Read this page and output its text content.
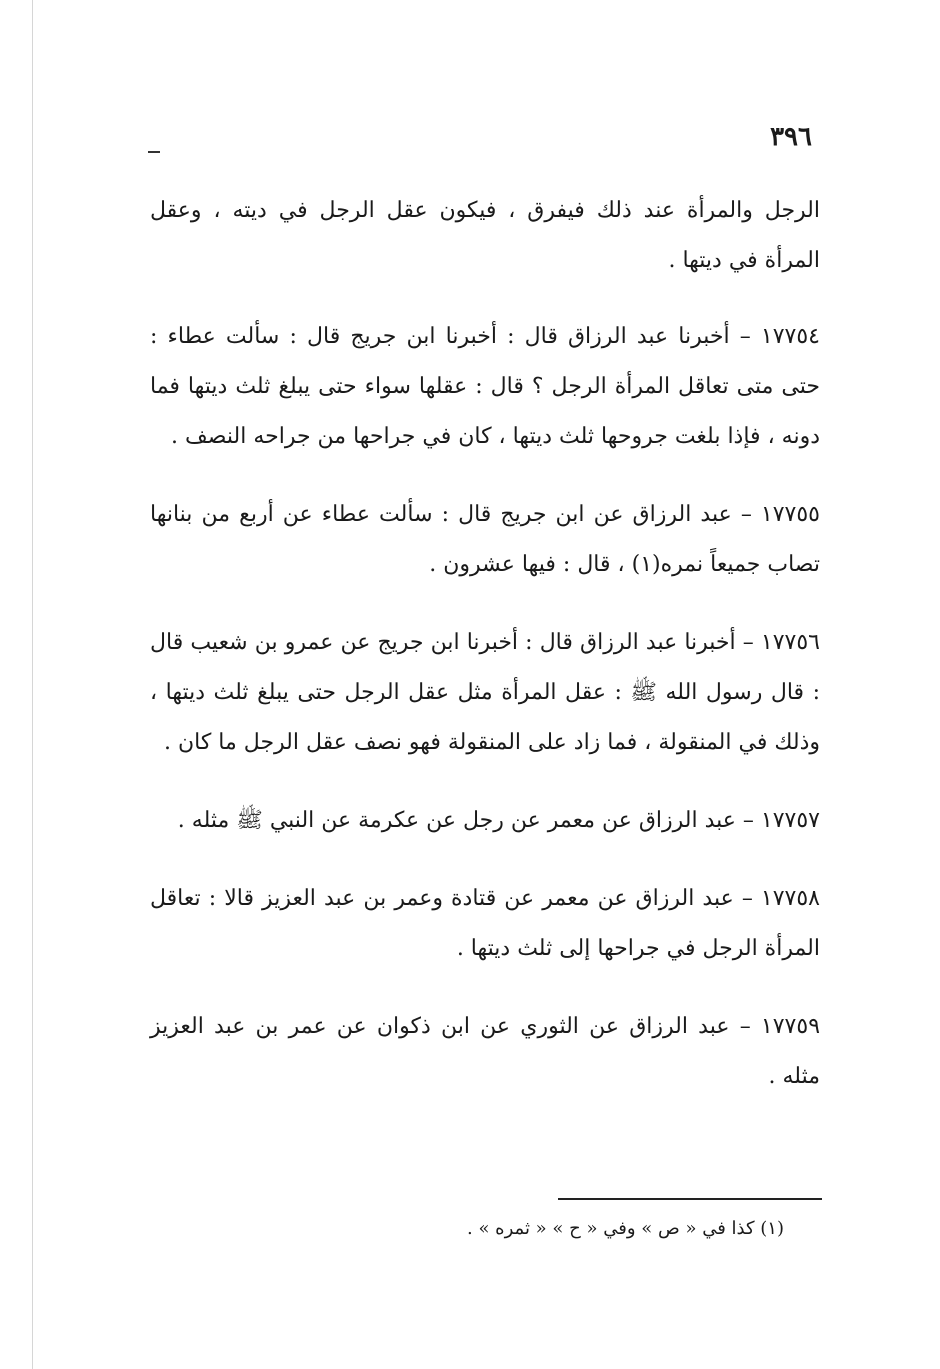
٣٩٦

الرجل والمرأة عند ذلك فيفرق ، فيكون عقل الرجل في ديته ، وعقل المرأة في ديتها .

١٧٧٥٤ – أخبرنا عبد الرزاق قال : أخبرنا ابن جريج قال : سألت عطاء : حتى متى تعاقل المرأة الرجل ؟ قال : عقلها سواء حتى يبلغ ثلث ديتها فما دونه ، فإذا بلغت جروحها ثلث ديتها ، كان في جراحها من جراحه النصف .

١٧٧٥٥ – عبد الرزاق عن ابن جريج قال : سألت عطاء عن أربع من بنانها تصاب جميعاً نمره(١) ، قال : فيها عشرون .

١٧٧٥٦ – أخبرنا عبد الرزاق قال : أخبرنا ابن جريج عن عمرو بن شعيب قال : قال رسول الله ﷺ : عقل المرأة مثل عقل الرجل حتى يبلغ ثلث ديتها ، وذلك في المنقولة ، فما زاد على المنقولة فهو نصف عقل الرجل ما كان .

١٧٧٥٧ – عبد الرزاق عن معمر عن رجل عن عكرمة عن النبي ﷺ مثله .

١٧٧٥٨ – عبد الرزاق عن معمر عن قتادة وعمر بن عبد العزيز قالا : تعاقل المرأة الرجل في جراحها إلى ثلث ديتها .

١٧٧٥٩ – عبد الرزاق عن الثوري عن ابن ذكوان عن عمر بن عبد العزيز مثله .

(١) كذا في « ص » وفي « ح » « ثمره » .
